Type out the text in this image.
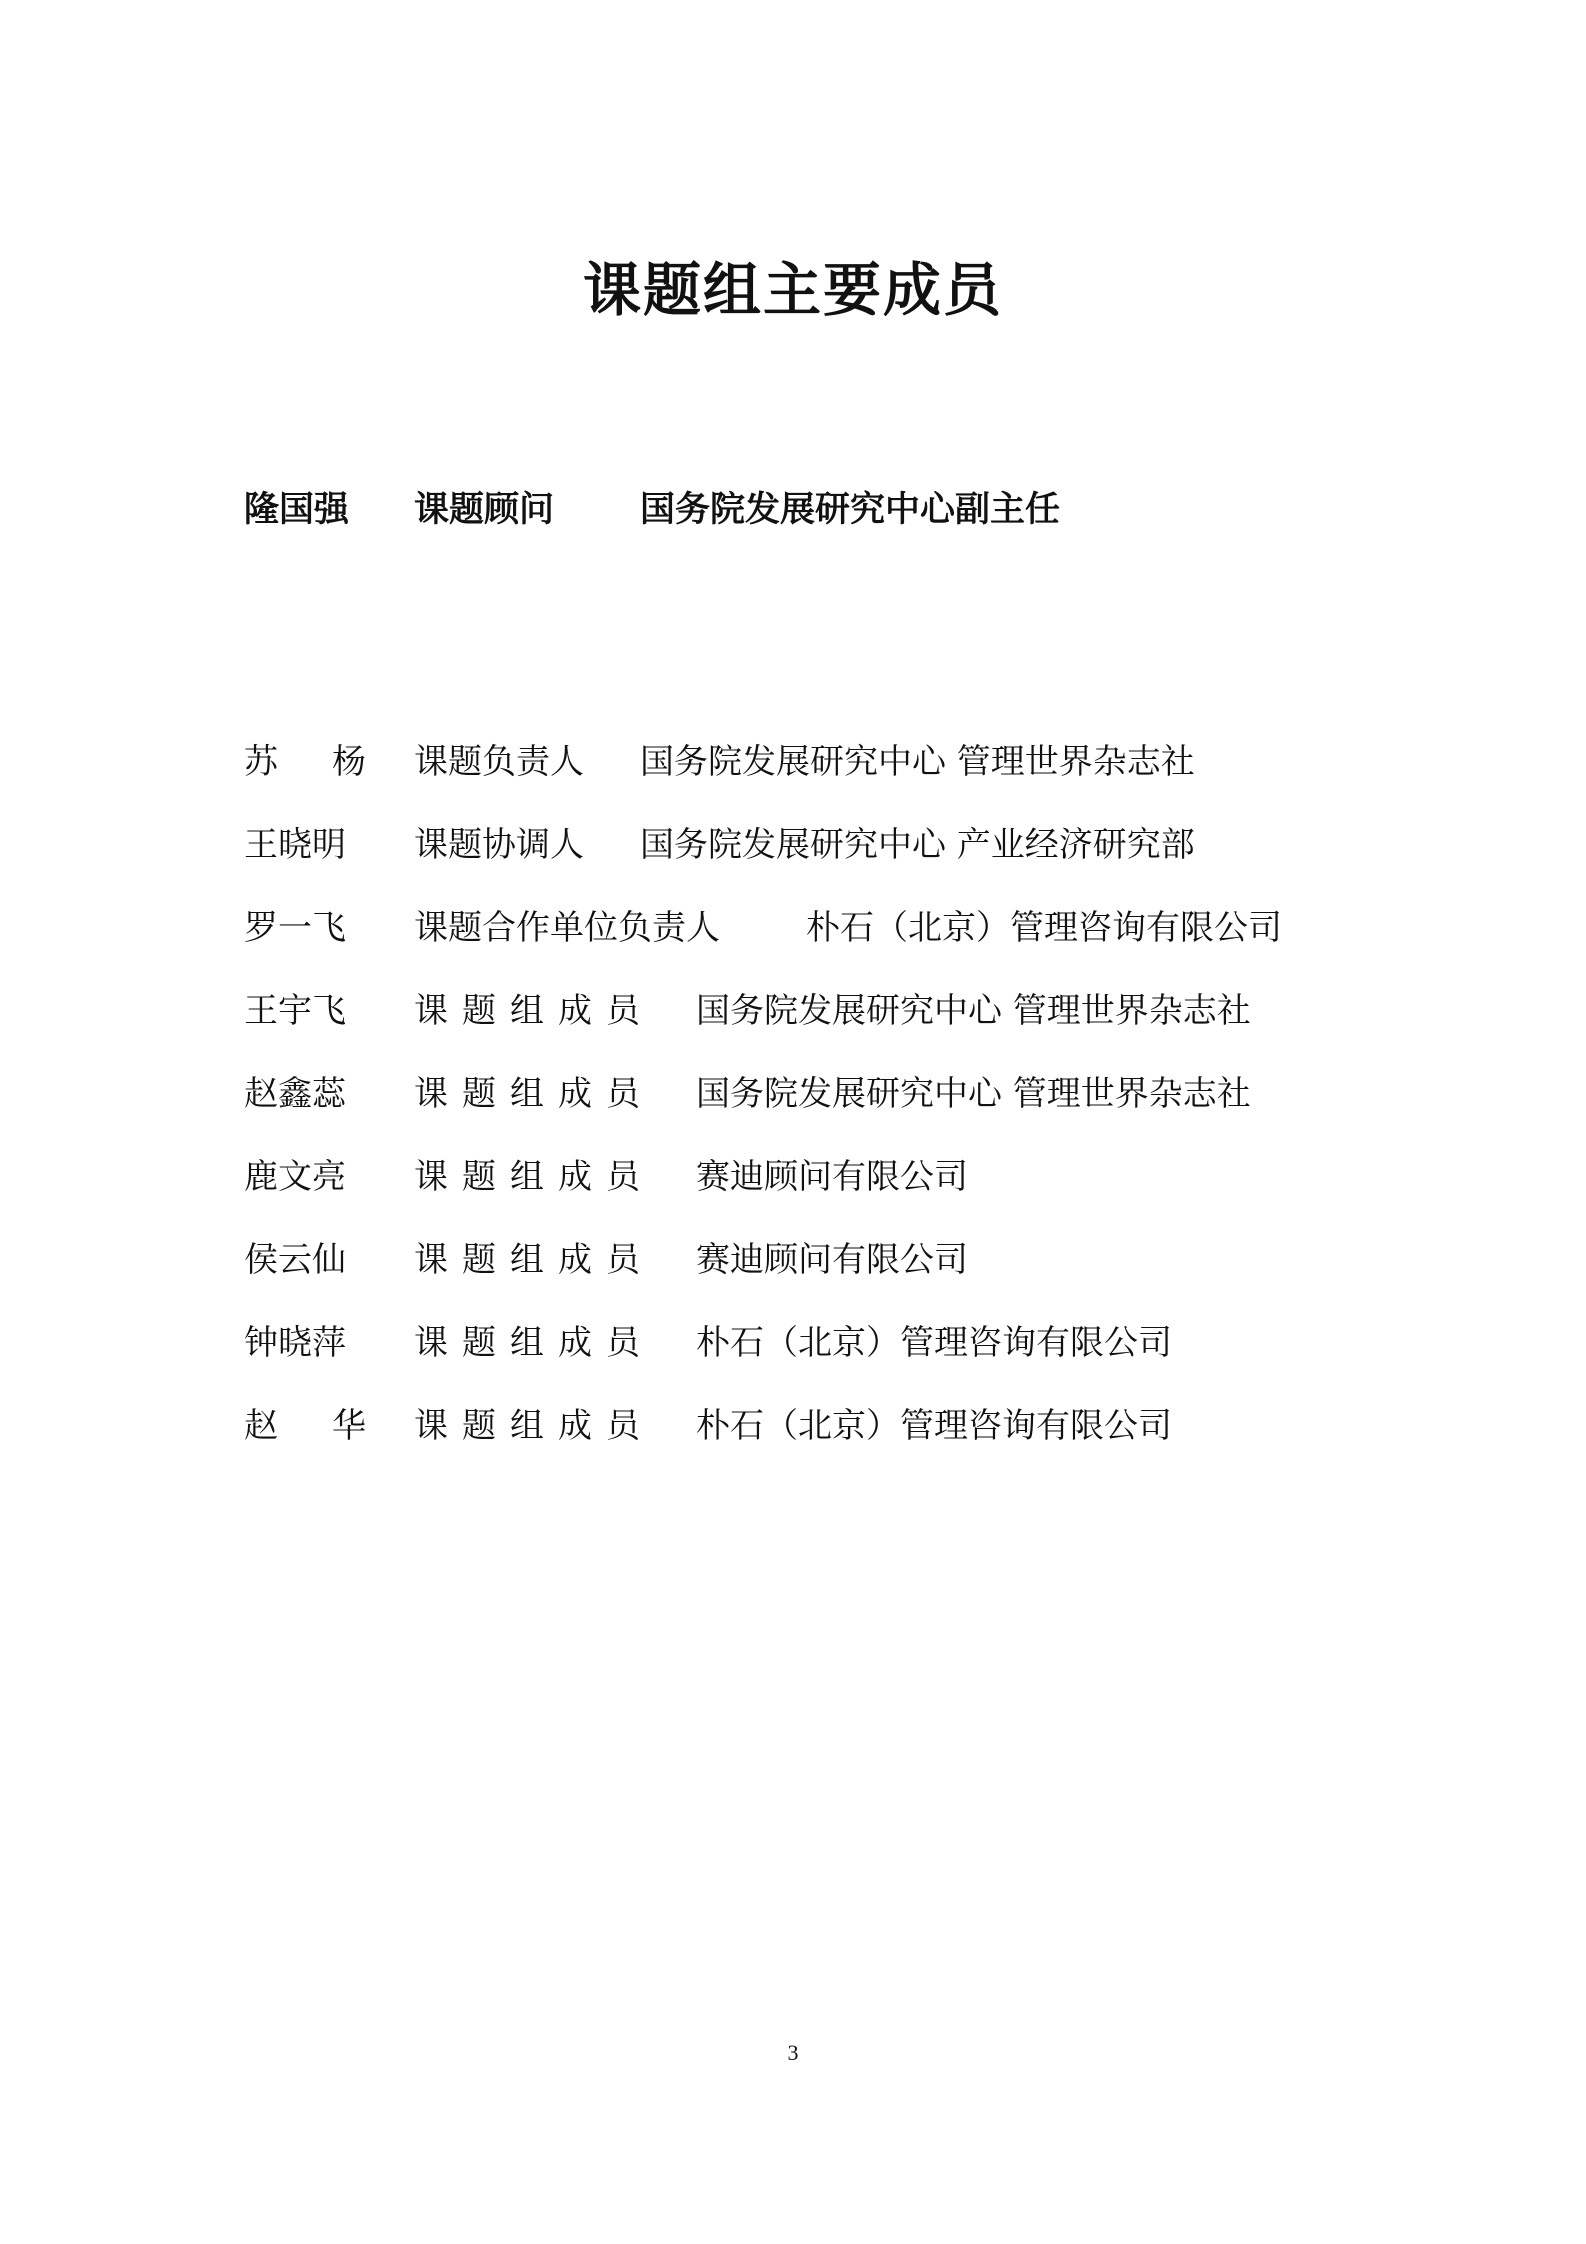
课题组主要成员
隆国强 课题顾问 国务院发展研究中心副主任
苏　杨 课题负责人 国务院发展研究中心 管理世界杂志社
王晓明 课题协调人 国务院发展研究中心 产业经济研究部
罗一飞 课题合作单位负责人	朴石（北京）管理咨询有限公司
王宇飞 课题组成员 国务院发展研究中心 管理世界杂志社
赵鑫蕊 课题组成员 国务院发展研究中心 管理世界杂志社
鹿文亮 课题组成员 赛迪顾问有限公司
侯云仙 课题组成员 赛迪顾问有限公司
钟晓萍 课题组成员 朴石（北京）管理咨询有限公司
赵　华 课题组成员 朴石（北京）管理咨询有限公司
3
